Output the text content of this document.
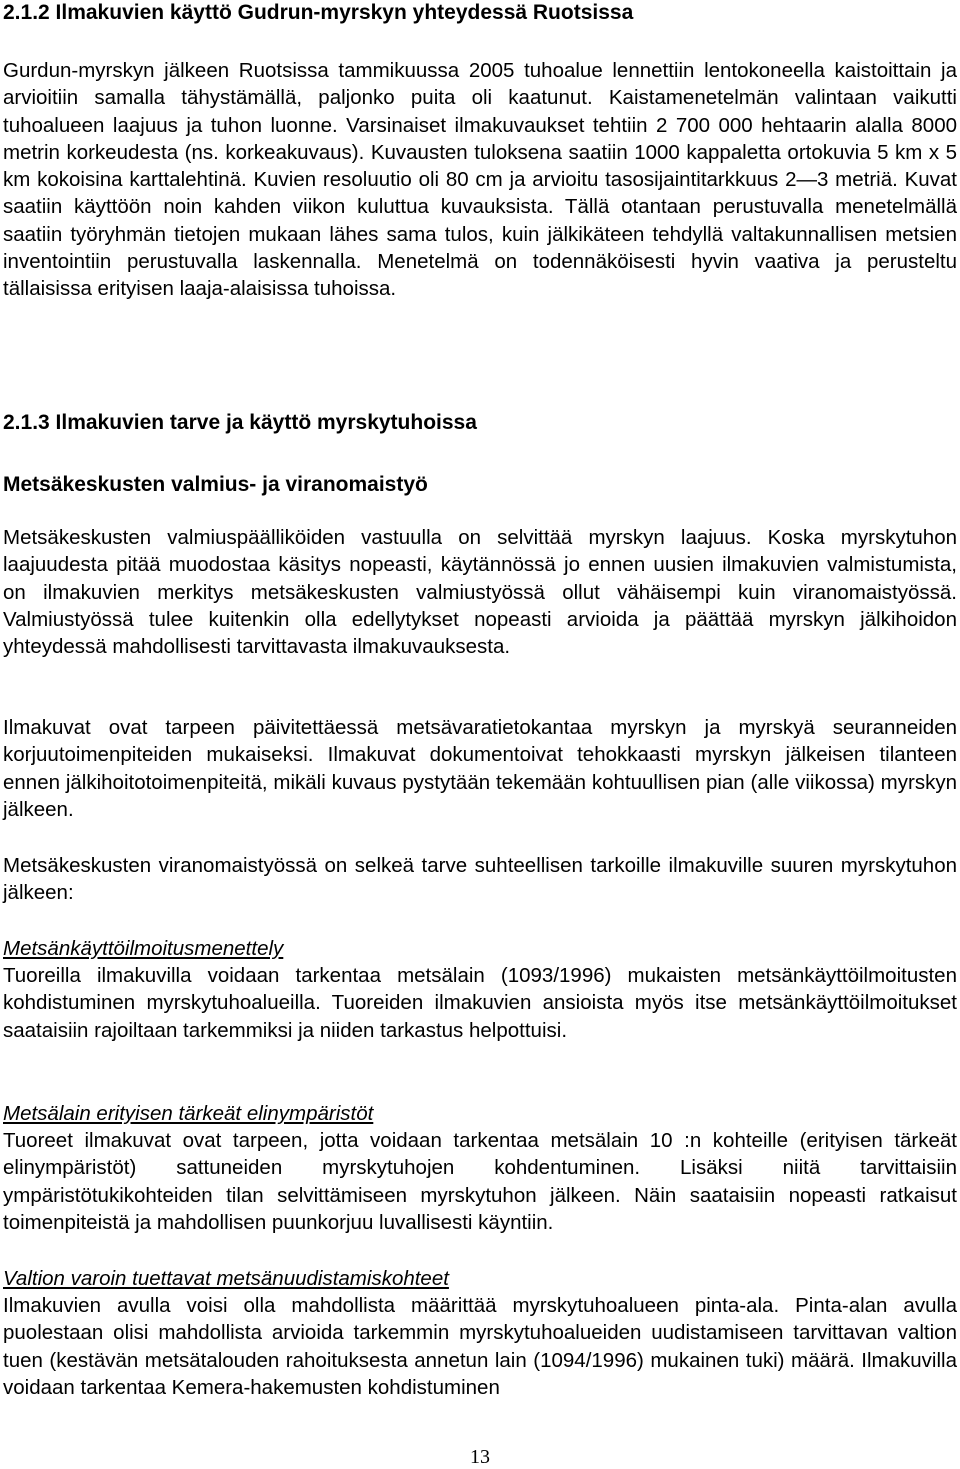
2.1.2 Ilmakuvien käyttö Gudrun-myrskyn yhteydessä Ruotsissa

Gurdun-myrskyn jälkeen Ruotsissa tammikuussa 2005 tuhoalue lennettiin lentokoneella kaistoittain ja arvioitiin samalla tähystämällä, paljonko puita oli kaatunut. Kaistamenetelmän valintaan vaikutti tuhoalueen laajuus ja tuhon luonne. Varsinaiset ilmakuvaukset tehtiin 2 700 000 hehtaarin alalla 8000 metrin korkeudesta (ns. korkeakuvaus). Kuvausten tuloksena saatiin 1000 kappaletta ortokuvia 5 km x 5 km kokoisina karttalehtinä. Kuvien resoluutio oli 80 cm ja arvioitu tasosijaintitarkkuus 2—3 metriä. Kuvat saatiin käyttöön noin kahden viikon kuluttua kuvauksista. Tällä otantaan perustuvalla menetelmällä saatiin työryhmän tietojen mukaan lähes sama tulos, kuin jälkikäteen tehdyllä valtakunnallisen metsien inventointiin perustuvalla laskennalla. Menetelmä on todennäköisesti hyvin vaativa ja perusteltu tällaisissa erityisen laaja-alaisissa tuhoissa.

2.1.3 Ilmakuvien tarve ja käyttö myrskytuhoissa
Metsäkeskusten valmius- ja viranomaistyö

Metsäkeskusten valmiuspäälliköiden vastuulla on selvittää myrskyn laajuus. Koska myrskytuhon laajuudesta pitää muodostaa käsitys nopeasti, käytännössä jo ennen uusien ilmakuvien valmistumista, on ilmakuvien merkitys metsäkeskusten valmiustyössä ollut vähäisempi kuin viranomaistyössä. Valmiustyössä tulee kuitenkin olla edellytykset nopeasti arvioida ja päättää myrskyn jälkihoidon yhteydessä mahdollisesti tarvittavasta ilmakuvauksesta.

Ilmakuvat ovat tarpeen päivitettäessä metsävaratietokantaa myrskyn ja myrskyä seuranneiden korjuutoimenpiteiden mukaiseksi. Ilmakuvat dokumentoivat tehokkaasti myrskyn jälkeisen tilanteen ennen jälkihoitotoimenpiteitä, mikäli kuvaus pystytään tekemään kohtuullisen pian (alle viikossa) myrskyn jälkeen.

Metsäkeskusten viranomaistyössä on selkeä tarve suhteellisen tarkoille ilmakuville suuren myrskytuhon jälkeen:

Metsänkäyttöilmoitusmenettely

Tuoreilla ilmakuvilla voidaan tarkentaa metsälain (1093/1996) mukaisten metsänkäyttöilmoitusten kohdistuminen myrskytuhoalueilla. Tuoreiden ilmakuvien ansioista myös itse metsänkäyttöilmoitukset saataisiin rajoiltaan tarkemmiksi ja niiden tarkastus helpottuisi.

Metsälain erityisen tärkeät elinympäristöt

Tuoreet ilmakuvat ovat tarpeen, jotta voidaan tarkentaa metsälain 10 :n kohteille (erityisen tärkeät elinympäristöt) sattuneiden myrskytuhojen kohdentuminen. Lisäksi niitä tarvittaisiin ympäristötukikohteiden tilan selvittämiseen myrskytuhon jälkeen. Näin saataisiin nopeasti ratkaisut toimenpiteistä ja mahdollisen puunkorjuu luvallisesti käyntiin.

Valtion varoin tuettavat metsänuudistamiskohteet

Ilmakuvien avulla voisi olla mahdollista määrittää myrskytuhoalueen pinta-ala. Pinta-alan avulla puolestaan olisi mahdollista arvioida tarkemmin myrskytuhoalueiden uudistamiseen tarvittavan valtion tuen (kestävän metsätalouden rahoituksesta annetun lain (1094/1996) mukainen tuki) määrä. Ilmakuvilla voidaan tarkentaa Kemera-hakemusten kohdistuminen

13
